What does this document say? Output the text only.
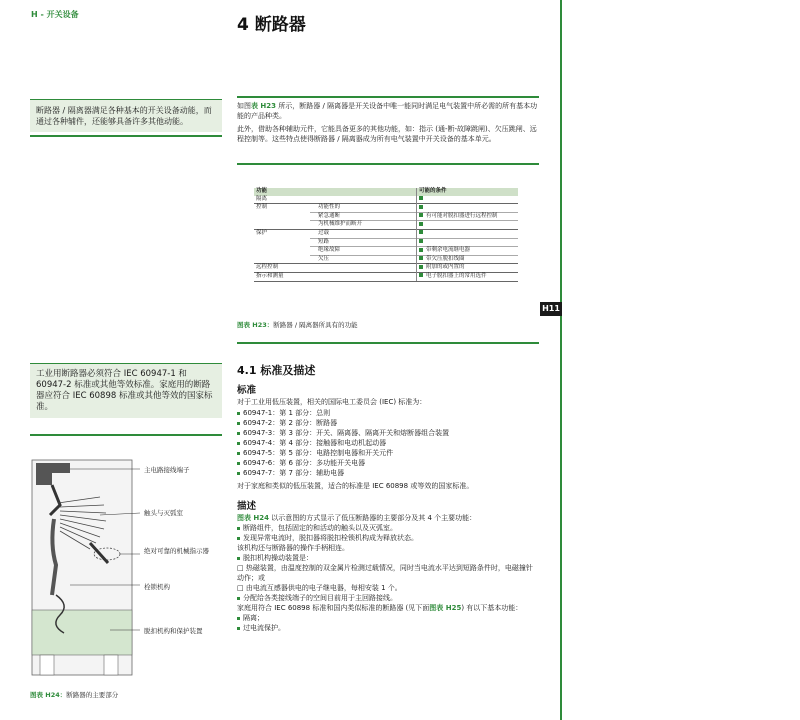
H - 开关设备
4 断路器
H11
断路器 / 隔离器满足各种基本的开关设备动能，而通过各种辅件，还能够具备许多其他动能。
如图表 H23 所示，断路器 / 隔离器是开关设备中唯一能同时满足电气装置中所必需的所有基本功能的产品种类。
此外，借助各种辅助元件，它能具备更多的其他功能，如：指示 (通-断-故障跳闸)、欠压跳闸、远程控制等。这些特点使得断路器 / 隔离器成为所有电气装置中开关设备的基本单元。
功能			可能的条件
隔离			
控制		功能性的	
		紧急通断	有可能对脱扣器进行远程控制
		为机械维护而断开	
保护		过载	
		短路	
		绝缘故障	带剩余电流继电器
		欠压	带欠压脱扣线圈
远程控制			附加的或内置的
指示和测量			电子脱扣器上的常用选件
图表 H23：断路器 / 隔离器所具有的功能
工业用断路器必须符合 IEC 60947-1 和 60947-2 标准或其他等效标准。家庭用的断路器应符合 IEC 60898 标准或其他等效的国家标准。
4.1 标准及描述
标准
对于工业用低压装置，相关的国际电工委员会 (IEC) 标准为：
60947-1：第 1 部分：总则
60947-2：第 2 部分：断路器
60947-3：第 3 部分：开关、隔离器、隔离开关和熔断器组合装置
60947-4：第 4 部分：接触器和电动机起动器
60947-5：第 5 部分：电路控制电器和开关元件
60947-6：第 6 部分：多功能开关电器
60947-7：第 7 部分：辅助电器
对于家庭和类似的低压装置，适合的标准是 IEC 60898 或等效的国家标准。
描述
图表 H24 以示意图的方式显示了低压断路器的主要部分及其 4 个主要功能：
断路组件，包括固定的和活动的触头以及灭弧室。
发现异常电流时，脱扣器将脱扣栓锁机构成为释放状态。
该机构还与断路器的操作手柄相连。
脱扣机构操动装置是：
□ 热磁装置，由温度控制的双金属片检测过载情况，同时当电流水平达到短路条件时，电磁撞针动作；或
□ 由电流互感器供电的电子继电器，每相安装 1 个。
分配给各类接线端子的空间目前用于主回路接线。
家庭用符合 IEC 60898 标准和国内类似标准的断路器 (见下面图表 H25) 有以下基本功能：
隔离；
过电流保护。
主电路接线端子
触头与灭弧室
绝对可靠的机械指示器
栓锁机构
脱扣机构和保护装置
图表 H24：断路器的主要部分
